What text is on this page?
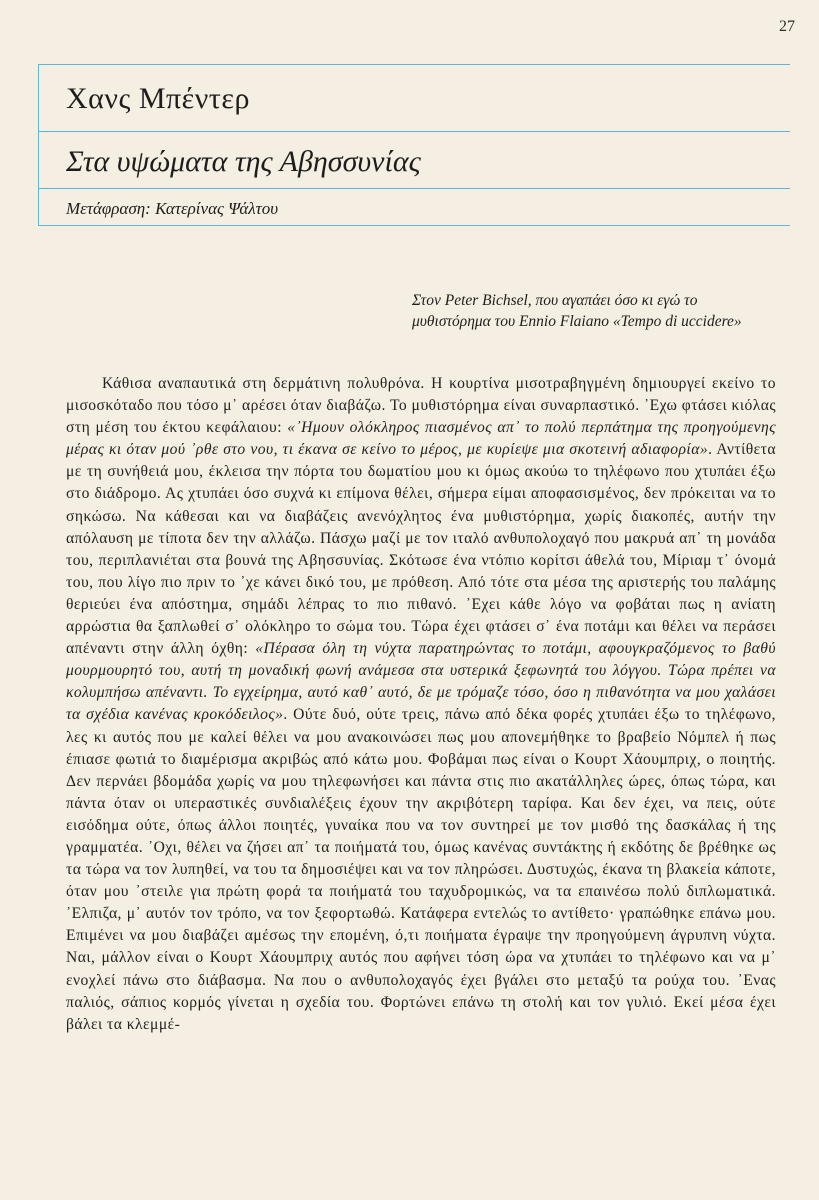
27
Χανς Μπέντερ
Στα υψώματα της Αβησσυνίας
Μετάφραση: Κατερίνας Ψάλτου
Στον Peter Bichsel, που αγαπάει όσο κι εγώ το μυθιστόρημα του Ennio Flaiano «Tempo di uccidere»

Κάθισα αναπαυτικά στη δερμάτινη πολυθρόνα. Η κουρτίνα μισοτραβηγμένη δημιουργεί εκείνο το μισοσκόταδο που τόσο μ᾽ αρέσει όταν διαβάζω. Το μυθιστόρημα είναι συναρπαστικό. ᾽Εχω φτάσει κιόλας στη μέση του έκτου κεφάλαιου: «᾽Ημουν ολόκληρος πιασμένος απ᾽ το πολύ περπάτημα της προηγούμενης μέρας κι όταν μού ᾽ρθε στο νου, τι έκανα σε κείνο το μέρος, με κυρίεψε μια σκοτεινή αδιαφορία». Αντίθετα με τη συνήθειά μου, έκλεισα την πόρτα του δωματίου μου κι όμως ακούω το τηλέφωνο που χτυπάει έξω στο διάδρομο. Ας χτυπάει όσο συχνά κι επίμονα θέλει, σήμερα είμαι αποφασισμένος, δεν πρόκειται να το σηκώσω. Να κάθεσαι και να διαβάζεις ανενόχλητος ένα μυθιστόρημα, χωρίς διακοπές, αυτήν την απόλαυση με τίποτα δεν την αλλάζω. Πάσχω μαζί με τον ιταλό ανθυπολοχαγό που μακρυά απ᾽ τη μονάδα του, περιπλανιέται στα βουνά της Αβησσυνίας. Σκότωσε ένα ντόπιο κορίτσι άθελά του, Μίριαμ τ᾽ όνομά του, που λίγο πιο πριν το ᾽χε κάνει δικό του, με πρόθεση. Από τότε στα μέσα της αριστερής του παλάμης θεριεύει ένα απόστημα, σημάδι λέπρας το πιο πιθανό. ᾽Εχει κάθε λόγο να φοβάται πως η ανίατη αρρώστια θα ξαπλωθεί σ᾽ ολόκληρο το σώμα του. Τώρα έχει φτάσει σ᾽ ένα ποτάμι και θέλει να περάσει απέναντι στην άλλη όχθη: «Πέρασα όλη τη νύχτα παρατηρώντας το ποτάμι, αφουγκραζόμενος το βαθύ μουρμουρητό του, αυτή τη μοναδική φωνή ανάμεσα στα υστερικά ξεφωνητά του λόγγου. Τώρα πρέπει να κολυμπήσω απέναντι. Το εγχείρημα, αυτό καθ᾽ αυτό, δε με τρόμαζε τόσο, όσο η πιθανότητα να μου χαλάσει τα σχέδια κανένας κροκόδειλος». Ούτε δυό, ούτε τρεις, πάνω από δέκα φορές χτυπάει έξω το τηλέφωνο, λες κι αυτός που με καλεί θέλει να μου ανακοινώσει πως μου απονεμήθηκε το βραβείο Νόμπελ ή πως έπιασε φωτιά το διαμέρισμα ακριβώς από κάτω μου. Φοβάμαι πως είναι ο Κουρτ Χάουμπριχ, ο ποιητής. Δεν περνάει βδομάδα χωρίς να μου τηλεφωνήσει και πάντα στις πιο ακατάλληλες ώρες, όπως τώρα, και πάντα όταν οι υπεραστικές συνδιαλέξεις έχουν την ακριβότερη ταρίφα. Και δεν έχει, να πεις, ούτε εισόδημα ούτε, όπως άλλοι ποιητές, γυναίκα που να τον συντηρεί με τον μισθό της δασκάλας ή της γραμματέα. ᾽Οχι, θέλει να ζήσει απ᾽ τα ποιήματά του, όμως κανένας συντάκτης ή εκδότης δε βρέθηκε ως τα τώρα να τον λυπηθεί, να του τα δημοσιέψει και να τον πληρώσει. Δυστυχώς, έκανα τη βλακεία κάποτε, όταν μου ᾽στειλε για πρώτη φορά τα ποιήματά του ταχυδρομικώς, να τα επαινέσω πολύ διπλωματικά. ᾽Ελπιζα, μ᾽ αυτόν τον τρόπο, να τον ξεφορτωθώ. Κατάφερα εντελώς το αντίθετο· γραπώθηκε επάνω μου. Επιμένει να μου διαβάζει αμέσως την επομένη, ό,τι ποιήματα έγραψε την προηγούμενη άγρυπνη νύχτα. Ναι, μάλλον είναι ο Κουρτ Χάουμπριχ αυτός που αφήνει τόση ώρα να χτυπάει το τηλέφωνο και να μ᾽ ενοχλεί πάνω στο διάβασμα. Να που ο ανθυπολοχαγός έχει βγάλει στο μεταξύ τα ρούχα του. ᾽Ενας παλιός, σάπιος κορμός γίνεται η σχεδία του. Φορτώνει επάνω τη στολή και τον γυλιό. Εκεί μέσα έχει βάλει τα κλεμμέ-
